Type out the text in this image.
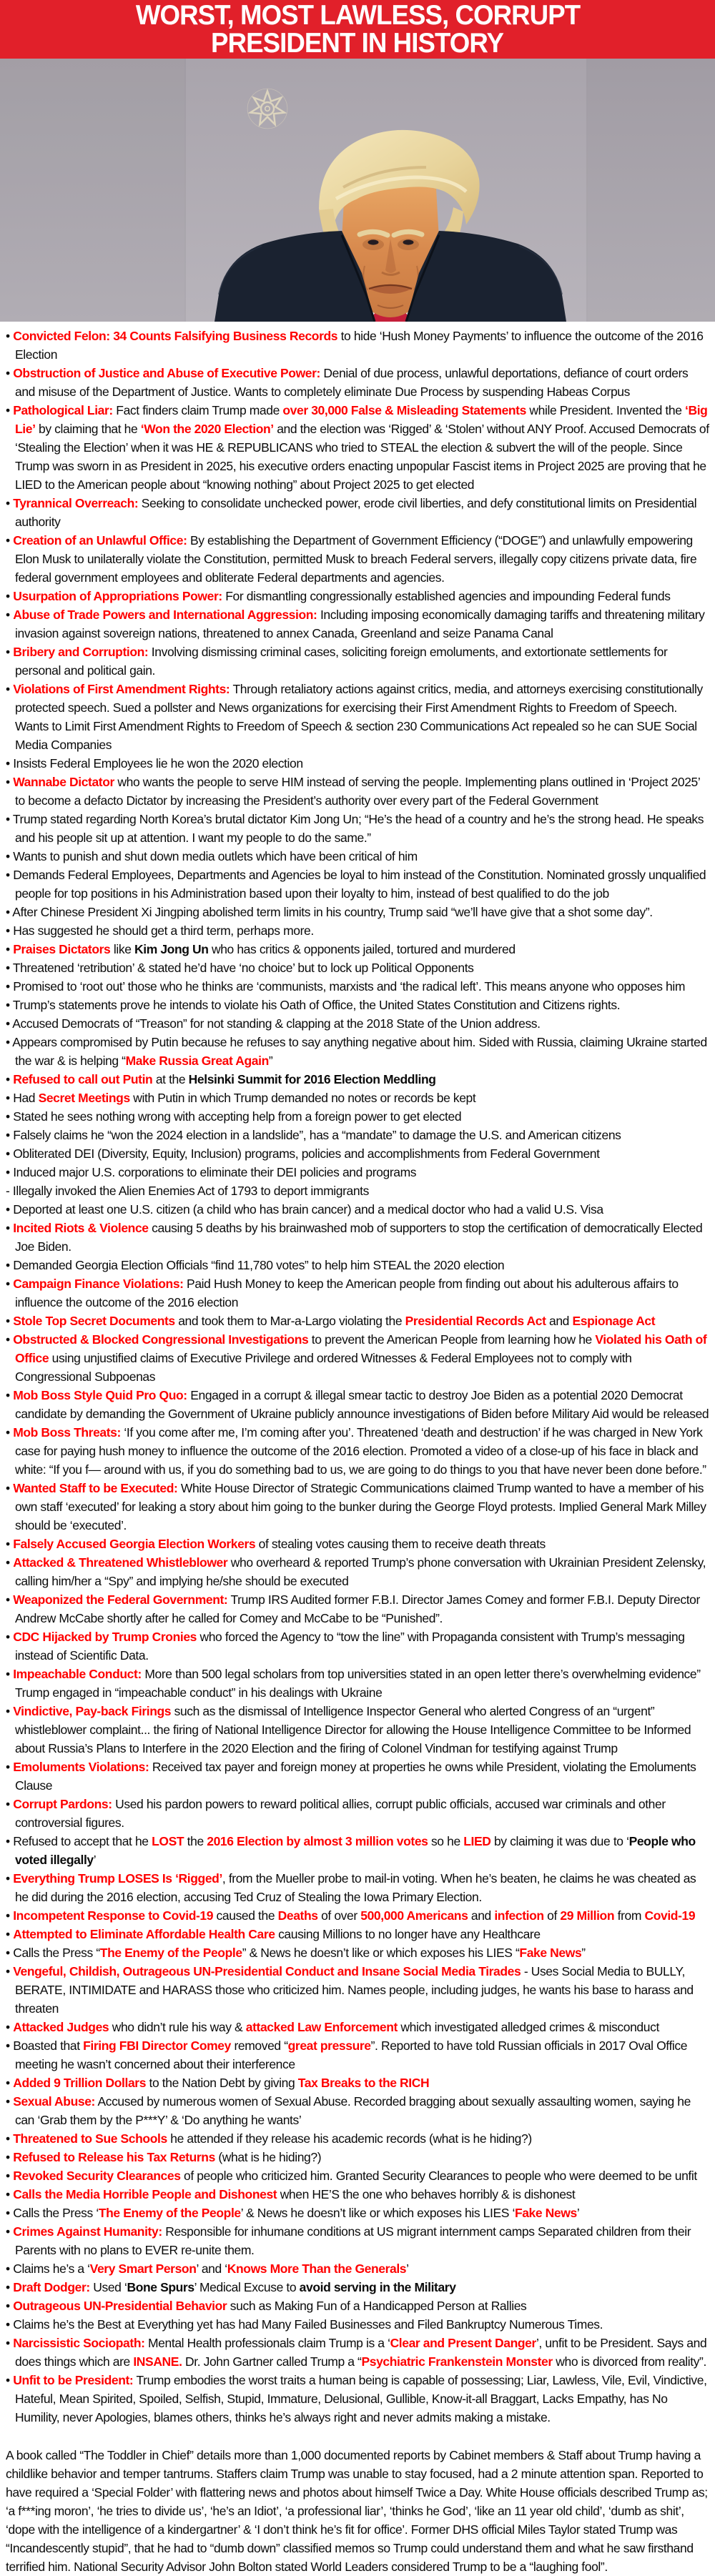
WORST, MOST LAWLESS, CORRUPT
PRESIDENT IN HISTORY
• Convicted Felon: 34 Counts Falsifying Business Records to hide ‘Hush Money Payments’ to influence the outcome of the 2016 Election
• Obstruction of Justice and Abuse of Executive Power: Denial of due process, unlawful deportations, defiance of court orders and misuse of the Department of Justice. Wants to completely eliminate Due Process by suspending Habeas Corpus
• Pathological Liar: Fact finders claim Trump made over 30,000 False & Misleading Statements while President. Invented the ‘Big Lie’ by claiming that he ‘Won the 2020 Election’ and the election was ‘Rigged’ & ‘Stolen’ without ANY Proof. Accused Democrats of ‘Stealing the Election’ when it was HE & REPUBLICANS who tried to STEAL the election & subvert the will of the people. Since Trump was sworn in as President in 2025, his executive orders enacting unpopular Fascist items in Project 2025 are proving that he LIED to the American people about “knowing nothing” about Project 2025 to get elected
• Tyrannical Overreach: Seeking to consolidate unchecked power, erode civil liberties, and defy constitutional limits on Presidential authority
• Creation of an Unlawful Office: By establishing the Department of Government Efficiency (“DOGE”) and unlawfully empowering Elon Musk to unilaterally violate the Constitution, permitted Musk to breach Federal servers, illegally copy citizens private data, fire federal government employees and obliterate Federal departments and agencies.
• Usurpation of Appropriations Power: For dismantling congressionally established agencies and impounding Federal funds
• Abuse of Trade Powers and International Aggression: Including imposing economically damaging tariffs and threatening military invasion against sovereign nations, threatened to annex Canada, Greenland and seize Panama Canal
• Bribery and Corruption: Involving dismissing criminal cases, soliciting foreign emoluments, and extortionate settlements for personal and political gain.
• Violations of First Amendment Rights: Through retaliatory actions against critics, media, and attorneys exercising constitutionally protected speech. Sued a pollster and News organizations for exercising their First Amendment Rights to Freedom of Speech. Wants to Limit First Amendment Rights to Freedom of Speech & section 230 Communications Act repealed so he can SUE Social Media Companies
• Insists Federal Employees lie he won the 2020 election
• Wannabe Dictator who wants the people to serve HIM instead of serving the people. Implementing plans outlined in ‘Project 2025’ to become a defacto Dictator by increasing the President’s authority over every part of the Federal Government
• Trump stated regarding North Korea’s brutal dictator Kim Jong Un; “He’s the head of a country and he’s the strong head. He speaks and his people sit up at attention. I want my people to do the same.”
• Wants to punish and shut down media outlets which have been critical of him
• Demands Federal Employees, Departments and Agencies be loyal to him instead of the Constitution. Nominated grossly unqualified people for top positions in his Administration based upon their loyalty to him, instead of best qualified to do the job
• After Chinese President Xi Jingping abolished term limits in his country, Trump said “we’ll have give that a shot some day”.
• Has suggested he should get a third term, perhaps more.
• Praises Dictators like Kim Jong Un who has critics & opponents jailed, tortured and murdered
• Threatened ‘retribution’ & stated he’d have ‘no choice’ but to lock up Political Opponents
• Promised to ‘root out’ those who he thinks are ‘communists, marxists and ‘the radical left’. This means anyone who opposes him
• Trump’s statements prove he intends to violate his Oath of Office, the United States Constitution and Citizens rights.
• Accused Democrats of “Treason” for not standing & clapping at the 2018 State of the Union address.
• Appears compromised by Putin because he refuses to say anything negative about him. Sided with Russia, claiming Ukraine started the war & is helping “Make Russia Great Again”
• Refused to call out Putin at the Helsinki Summit for 2016 Election Meddling
• Had Secret Meetings with Putin in which Trump demanded no notes or records be kept
• Stated he sees nothing wrong with accepting help from a foreign power to get elected
• Falsely claims he “won the 2024 election in a landslide”, has a “mandate” to damage the U.S. and American citizens
• Obliterated DEI (Diversity, Equity, Inclusion) programs, policies and accomplishments from Federal Government
• Induced major U.S. corporations to eliminate their DEI policies and programs
- Illegally invoked the Alien Enemies Act of 1793 to deport immigrants
• Deported at least one U.S. citizen (a child who has brain cancer) and a medical doctor who had a valid U.S. Visa
• Incited Riots & Violence causing 5 deaths by his brainwashed mob of supporters to stop the certification of democratically Elected Joe Biden.
• Demanded Georgia Election Officials “find 11,780 votes” to help him STEAL the 2020 election
• Campaign Finance Violations: Paid Hush Money to keep the American people from finding out about his adulterous affairs to influence the outcome of the 2016 election
• Stole Top Secret Documents and took them to Mar-a-Largo violating the Presidential Records Act and Espionage Act
• Obstructed & Blocked Congressional Investigations to prevent the American People from learning how he Violated his Oath of Office using unjustified claims of Executive Privilege and ordered Witnesses & Federal Employees not to comply with Congressional Subpoenas
• Mob Boss Style Quid Pro Quo: Engaged in a corrupt & illegal smear tactic to destroy Joe Biden as a potential 2020 Democrat candidate by demanding the Government of Ukraine publicly announce investigations of Biden before Military Aid would be released
• Mob Boss Threats: ‘If you come after me, I’m coming after you’. Threatened ‘death and destruction’ if he was charged in New York case for paying hush money to influence the outcome of the 2016 election. Promoted a video of a close-up of his face in black and white: “If you f— around with us, if you do something bad to us, we are going to do things to you that have never been done before.”
• Wanted Staff to be Executed: White House Director of Strategic Communications claimed Trump wanted to have a member of his own staff ‘executed’ for leaking a story about him going to the bunker during the George Floyd protests. Implied General Mark Milley should be ‘executed’.
• Falsely Accused Georgia Election Workers of stealing votes causing them to receive death threats
• Attacked & Threatened Whistleblower who overheard & reported Trump’s phone conversation with Ukrainian President Zelensky, calling him/her a “Spy” and implying he/she should be executed
• Weaponized the Federal Government: Trump IRS Audited former F.B.I. Director James Comey and former F.B.I. Deputy Director Andrew McCabe shortly after he called for Comey and McCabe to be “Punished”.
• CDC Hijacked by Trump Cronies who forced the Agency to “tow the line” with Propaganda consistent with Trump’s messaging instead of Scientific Data.
• Impeachable Conduct: More than 500 legal scholars from top universities stated in an open letter there’s overwhelming evidence” Trump engaged in “impeachable conduct” in his dealings with Ukraine
• Vindictive, Pay-back Firings such as the dismissal of Intelligence Inspector General who alerted Congress of an “urgent” whistleblower complaint... the firing of National Intelligence Director for allowing the House Intelligence Committee to be Informed about Russia’s Plans to Interfere in the 2020 Election and the firing of Colonel Vindman for testifying against Trump
• Emoluments Violations: Received tax payer and foreign money at properties he owns while President, violating the Emoluments Clause
• Corrupt Pardons: Used his pardon powers to reward political allies, corrupt public officials, accused war criminals and other controversial figures.
• Refused to accept that he LOST the 2016 Election by almost 3 million votes so he LIED by claiming it was due to ‘People who voted illegally’
• Everything Trump LOSES Is ‘Rigged’, from the Mueller probe to mail-in voting. When he’s beaten, he claims he was cheated as he did during the 2016 election, accusing Ted Cruz of Stealing the Iowa Primary Election.
• Incompetent Response to Covid-19 caused the Deaths of over 500,000 Americans and infection of 29 Million from Covid-19
• Attempted to Eliminate Affordable Health Care causing Millions to no longer have any Healthcare
• Calls the Press “The Enemy of the People” & News he doesn’t like or which exposes his LIES “Fake News”
• Vengeful, Childish, Outrageous UN-Presidential Conduct and Insane Social Media Tirades - Uses Social Media to BULLY, BERATE, INTIMIDATE and HARASS those who criticized him. Names people, including judges, he wants his base to harass and threaten
• Attacked Judges who didn’t rule his way & attacked Law Enforcement which investigated alledged crimes & misconduct
• Boasted that Firing FBI Director Comey removed “great pressure”. Reported to have told Russian officials in 2017 Oval Office meeting he wasn’t concerned about their interference
• Added 9 Trillion Dollars to the Nation Debt by giving Tax Breaks to the RICH
• Sexual Abuse: Accused by numerous women of Sexual Abuse. Recorded bragging about sexually assaulting women, saying he can ‘Grab them by the P***Y’ & ‘Do anything he wants’
• Threatened to Sue Schools he attended if they release his academic records (what is he hiding?)
• Refused to Release his Tax Returns (what is he hiding?)
• Revoked Security Clearances of people who criticized him. Granted Security Clearances to people who were deemed to be unfit
• Calls the Media Horrible People and Dishonest when HE’S the one who behaves horribly & is dishonest
• Calls the Press ‘The Enemy of the People’ & News he doesn’t like or which exposes his LIES ‘Fake News’
• Crimes Against Humanity: Responsible for inhumane conditions at US migrant internment camps Separated children from their Parents with no plans to EVER re-unite them.
• Claims he’s a ‘Very Smart Person’ and ‘Knows More Than the Generals’
• Draft Dodger: Used ‘Bone Spurs’ Medical Excuse to avoid serving in the Military
• Outrageous UN-Presidential Behavior such as Making Fun of a Handicapped Person at Rallies
• Claims he’s the Best at Everything yet has had Many Failed Businesses and Filed Bankruptcy Numerous Times.
• Narcissistic Sociopath: Mental Health professionals claim Trump is a ‘Clear and Present Danger’, unfit to be President. Says and does things which are INSANE. Dr. John Gartner called Trump a “Psychiatric Frankenstein Monster who is divorced from reality”.
• Unfit to be President: Trump embodies the worst traits a human being is capable of possessing; Liar, Lawless, Vile, Evil, Vindictive, Hateful, Mean Spirited, Spoiled, Selfish, Stupid, Immature, Delusional, Gullible, Know-it-all Braggart, Lacks Empathy, has No Humility, never Apologies, blames others, thinks he’s always right and never admits making a mistake.
A book called “The Toddler in Chief” details more than 1,000 documented reports by Cabinet members & Staff about Trump having a childlike behavior and temper tantrums. Staffers claim Trump was unable to stay focused, had a 2 minute attention span. Reported to have required a ‘Special Folder’ with flattering news and photos about himself Twice a Day. White House officials described Trump as; ‘a f***ing moron’, ‘he tries to divide us’, ‘he’s an Idiot’, ‘a professional liar’, ‘thinks he God’, ‘like an 11 year old child’, ‘dumb as shit’, ‘dope with the intelligence of a kindergartner’ & ‘I don’t think he’s fit for office’. Former DHS official Miles Taylor stated Trump was “Incandescently stupid”, that he had to “dumb down” classified memos so Trump could understand them and what he saw firsthand terrified him. National Security Advisor John Bolton stated World Leaders considered Trump to be a “laughing fool”.
